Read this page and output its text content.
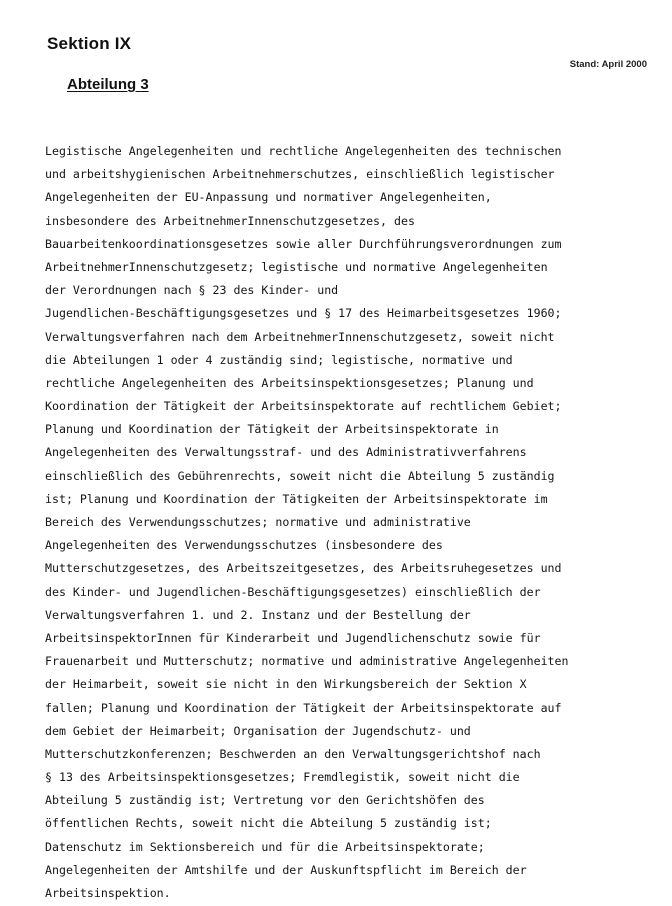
Sektion IX
Stand: April 2000
Abteilung 3
Legistische Angelegenheiten und rechtliche Angelegenheiten des technischen
und arbeitshygienischen Arbeitnehmerschutzes, einschließlich legistischer
Angelegenheiten der EU-Anpassung und normativer Angelegenheiten,
insbesondere des ArbeitnehmerInnenschutzgesetzes, des
Bauarbeitenkoordinationsgesetzes sowie aller Durchführungsverordnungen zum
ArbeitnehmerInnenschutzgesetz; legistische und normative Angelegenheiten
der Verordnungen nach § 23 des Kinder- und
Jugendlichen-Beschäftigungsgesetzes und § 17 des Heimarbeitsgesetzes 1960;
Verwaltungsverfahren nach dem ArbeitnehmerInnenschutzgesetz, soweit nicht
die Abteilungen 1 oder 4 zuständig sind; legistische, normative und
rechtliche Angelegenheiten des Arbeitsinspektionsgesetzes; Planung und
Koordination der Tätigkeit der Arbeitsinspektorate auf rechtlichem Gebiet;
Planung und Koordination der Tätigkeit der Arbeitsinspektorate in
Angelegenheiten des Verwaltungsstraf- und des Administrativverfahrens
einschließlich des Gebührenrechts, soweit nicht die Abteilung 5 zuständig
ist; Planung und Koordination der Tätigkeiten der Arbeitsinspektorate im
Bereich des Verwendungsschutzes; normative und administrative
Angelegenheiten des Verwendungsschutzes (insbesondere des
Mutterschutzgesetzes, des Arbeitszeitgesetzes, des Arbeitsruhegesetzes und
des Kinder- und Jugendlichen-Beschäftigungsgesetzes) einschließlich der
Verwaltungsverfahren 1. und 2. Instanz und der Bestellung der
ArbeitsinspektorInnen für Kinderarbeit und Jugendlichenschutz sowie für
Frauenarbeit und Mutterschutz; normative und administrative Angelegenheiten
der Heimarbeit, soweit sie nicht in den Wirkungsbereich der Sektion X
fallen; Planung und Koordination der Tätigkeit der Arbeitsinspektorate auf
dem Gebiet der Heimarbeit; Organisation der Jugendschutz- und
Mutterschutzkonferenzen; Beschwerden an den Verwaltungsgerichtshof nach
§ 13 des Arbeitsinspektionsgesetzes; Fremdlegistik, soweit nicht die
Abteilung 5 zuständig ist; Vertretung vor den Gerichtshöfen des
öffentlichen Rechts, soweit nicht die Abteilung 5 zuständig ist;
Datenschutz im Sektionsbereich und für die Arbeitsinspektorate;
Angelegenheiten der Amtshilfe und der Auskunftspflicht im Bereich der
Arbeitsinspektion.
